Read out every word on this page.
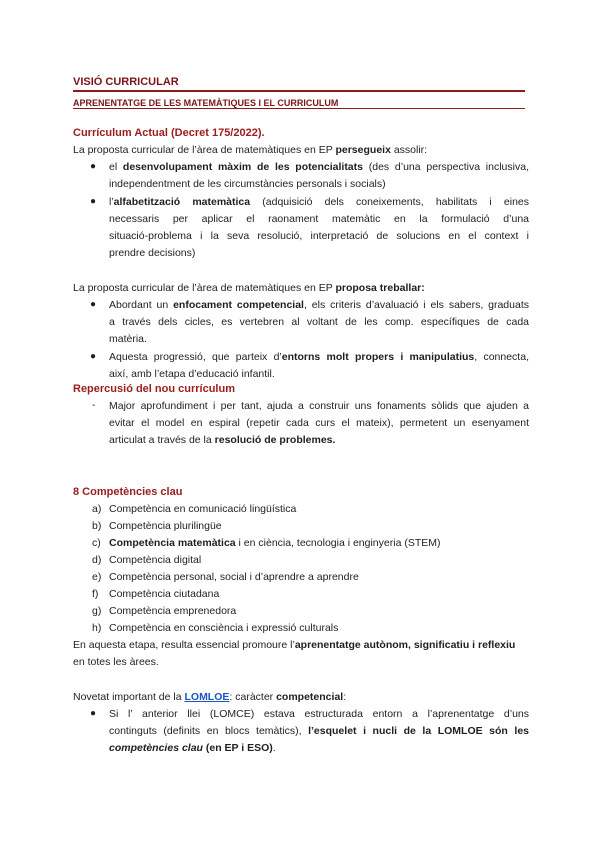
VISIÓ CURRICULAR
APRENENTATGE DE LES MATEMÀTIQUES I EL CURRICULUM
Currículum Actual (Decret 175/2022).
La proposta curricular de l’àrea de matemàtiques en EP persegueix assolir:
● el desenvolupament màxim de les potencialitats (des d’una perspectiva inclusiva,
independentment de les circumstàncies personals i socials)
● l’alfabetització matemàtica (adquisició dels coneixements, habilitats i eines
necessaris per aplicar el raonament matemàtic en la formulació d’una
situació-problema i la seva resolució, interpretació de solucions en el context i
prendre decisions)
La proposta curricular de l’àrea de matemàtiques en EP proposa treballar:
● Abordant un enfocament competencial, els criteris d’avaluació i els sabers, graduats
a través dels cicles, es vertebren al voltant de les comp. específiques de cada
matèria.
● Aquesta progressió, que parteix d’entorns molt propers i manipulatius, connecta,
així, amb l’etapa d’educació infantil.
Repercusió del nou currículum
- Major aprofundiment i per tant, ajuda a construir uns fonaments sòlids que ajuden a
evitar el model en espiral (repetir cada curs el mateix), permetent un esenyament
articulat a través de la resolució de problemes.
8 Competències clau
a) Competència en comunicació lingüística
b) Competència plurilingüe
c) Competència matemàtica i en ciència, tecnologia i enginyeria (STEM)
d) Competència digital
e) Competència personal, social i d’aprendre a aprendre
f) Competència ciutadana
g) Competència emprenedora
h) Competència en consciència i expressió culturals
En aquesta etapa, resulta essencial promoure l’aprenentatge autònom, significatiu i reflexiu
en totes les àrees.
Novetat important de la LOMLOE: caràcter competencial:
● Si l’ anterior llei (LOMCE) estava estructurada entorn a l’aprenentatge d’uns
continguts (definits en blocs temàtics), l’esquelet i nucli de la LOMLOE són les
competències clau (en EP i ESO).
